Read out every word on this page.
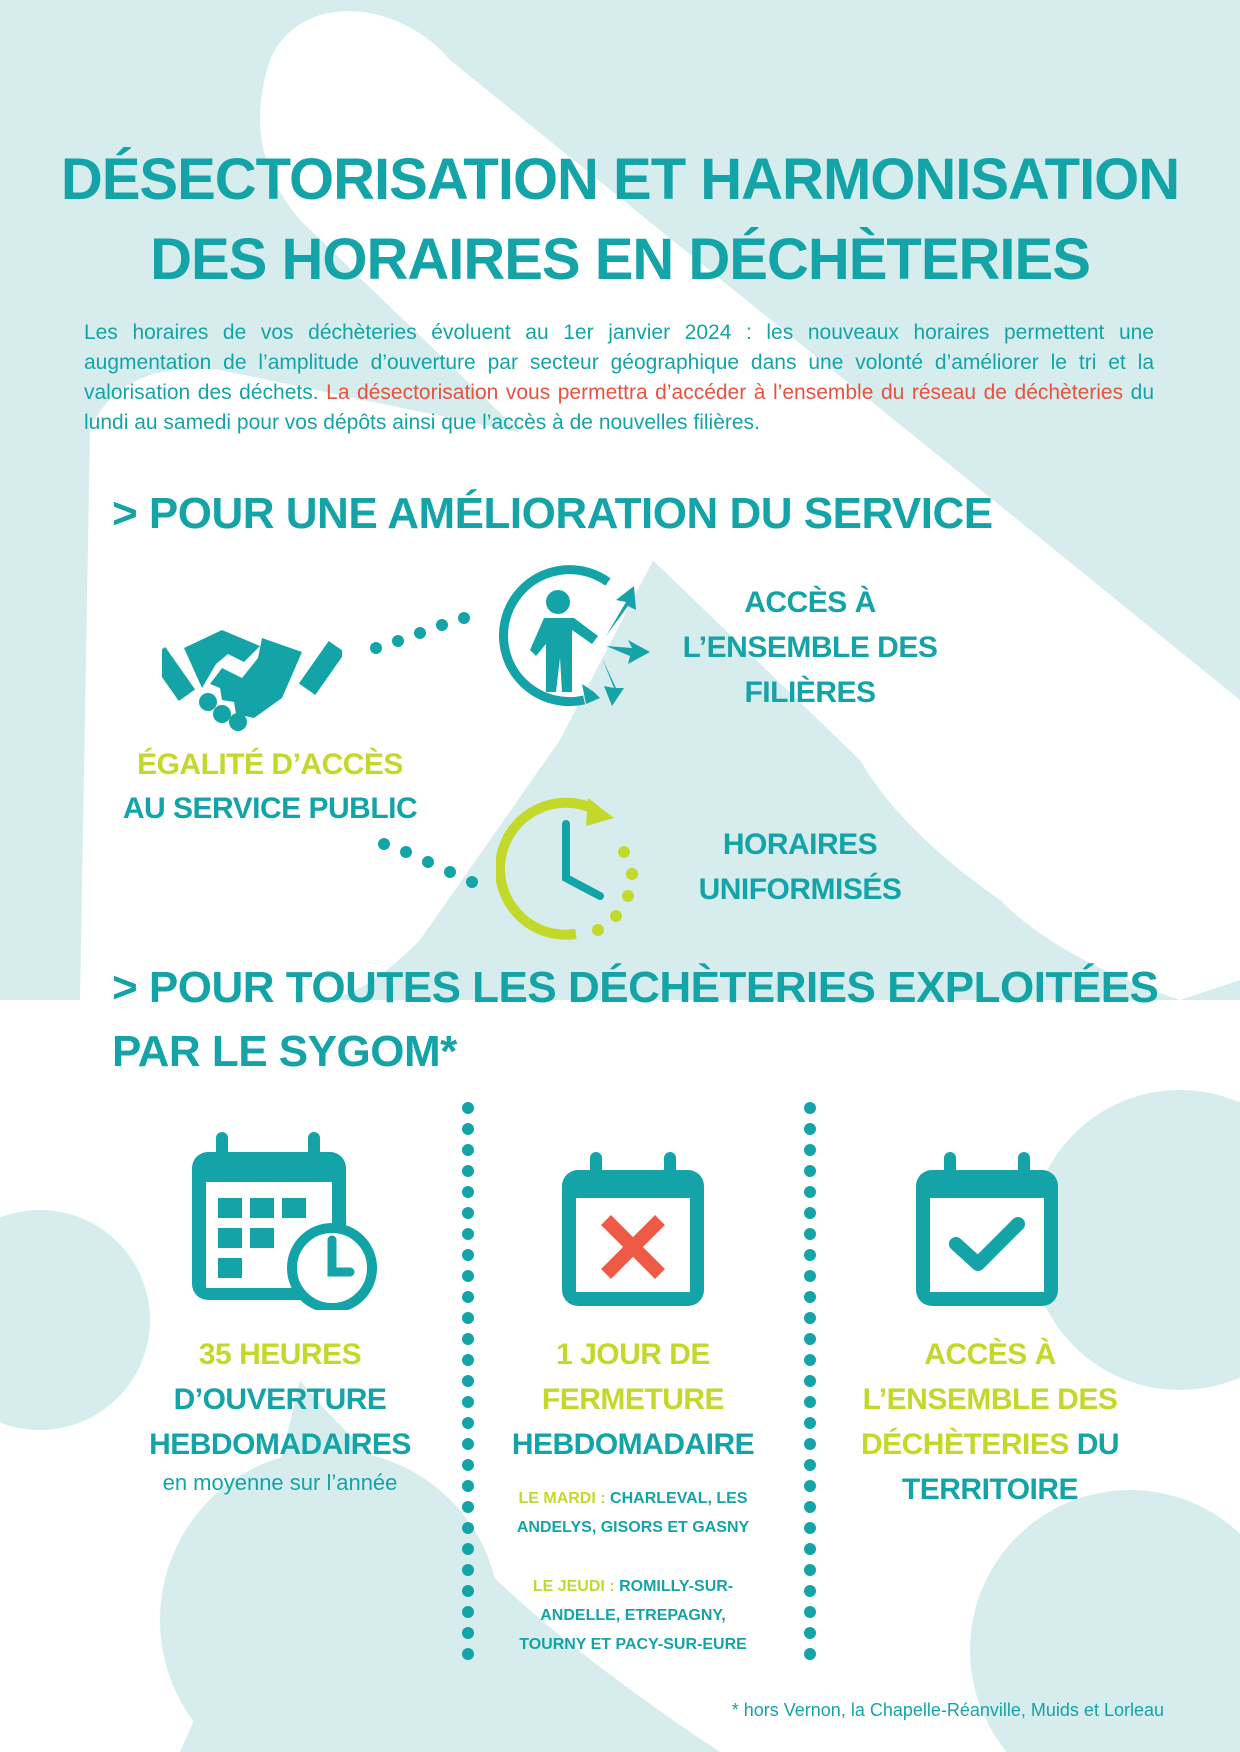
DÉSECTORISATION ET HARMONISATION
DES HORAIRES EN DÉCHÈTERIES
Les horaires de vos déchèteries évoluent au 1er janvier 2024 : les nouveaux horaires permettent une augmentation de l’amplitude d’ouverture par secteur géographique dans une volonté d’améliorer le tri et la valorisation des déchets. La désectorisation vous permettra d’accéder à l’ensemble du réseau de déchèteries du lundi au samedi pour vos dépôts ainsi que l’accès à de nouvelles filières.
> POUR UNE AMÉLIORATION DU SERVICE
ÉGALITÉ D’ACCÈS
AU SERVICE PUBLIC
ACCÈS À
L’ENSEMBLE DES
FILIÈRES
HORAIRES
UNIFORMISÉS
> POUR TOUTES LES DÉCHÈTERIES EXPLOITÉES
PAR LE SYGOM*
35 HEURES
D’OUVERTURE
HEBDOMADAIRES
en moyenne sur l’année
1 JOUR DE
FERMETURE
HEBDOMADAIRE
LE MARDI : CHARLEVAL, LES ANDELYS, GISORS ET GASNY
LE JEUDI : ROMILLY-SUR-ANDELLE, ETREPAGNY, TOURNY ET PACY-SUR-EURE
ACCÈS À
L’ENSEMBLE DES
DÉCHÈTERIES DU
TERRITOIRE
* hors Vernon, la Chapelle-Réanville, Muids et Lorleau
